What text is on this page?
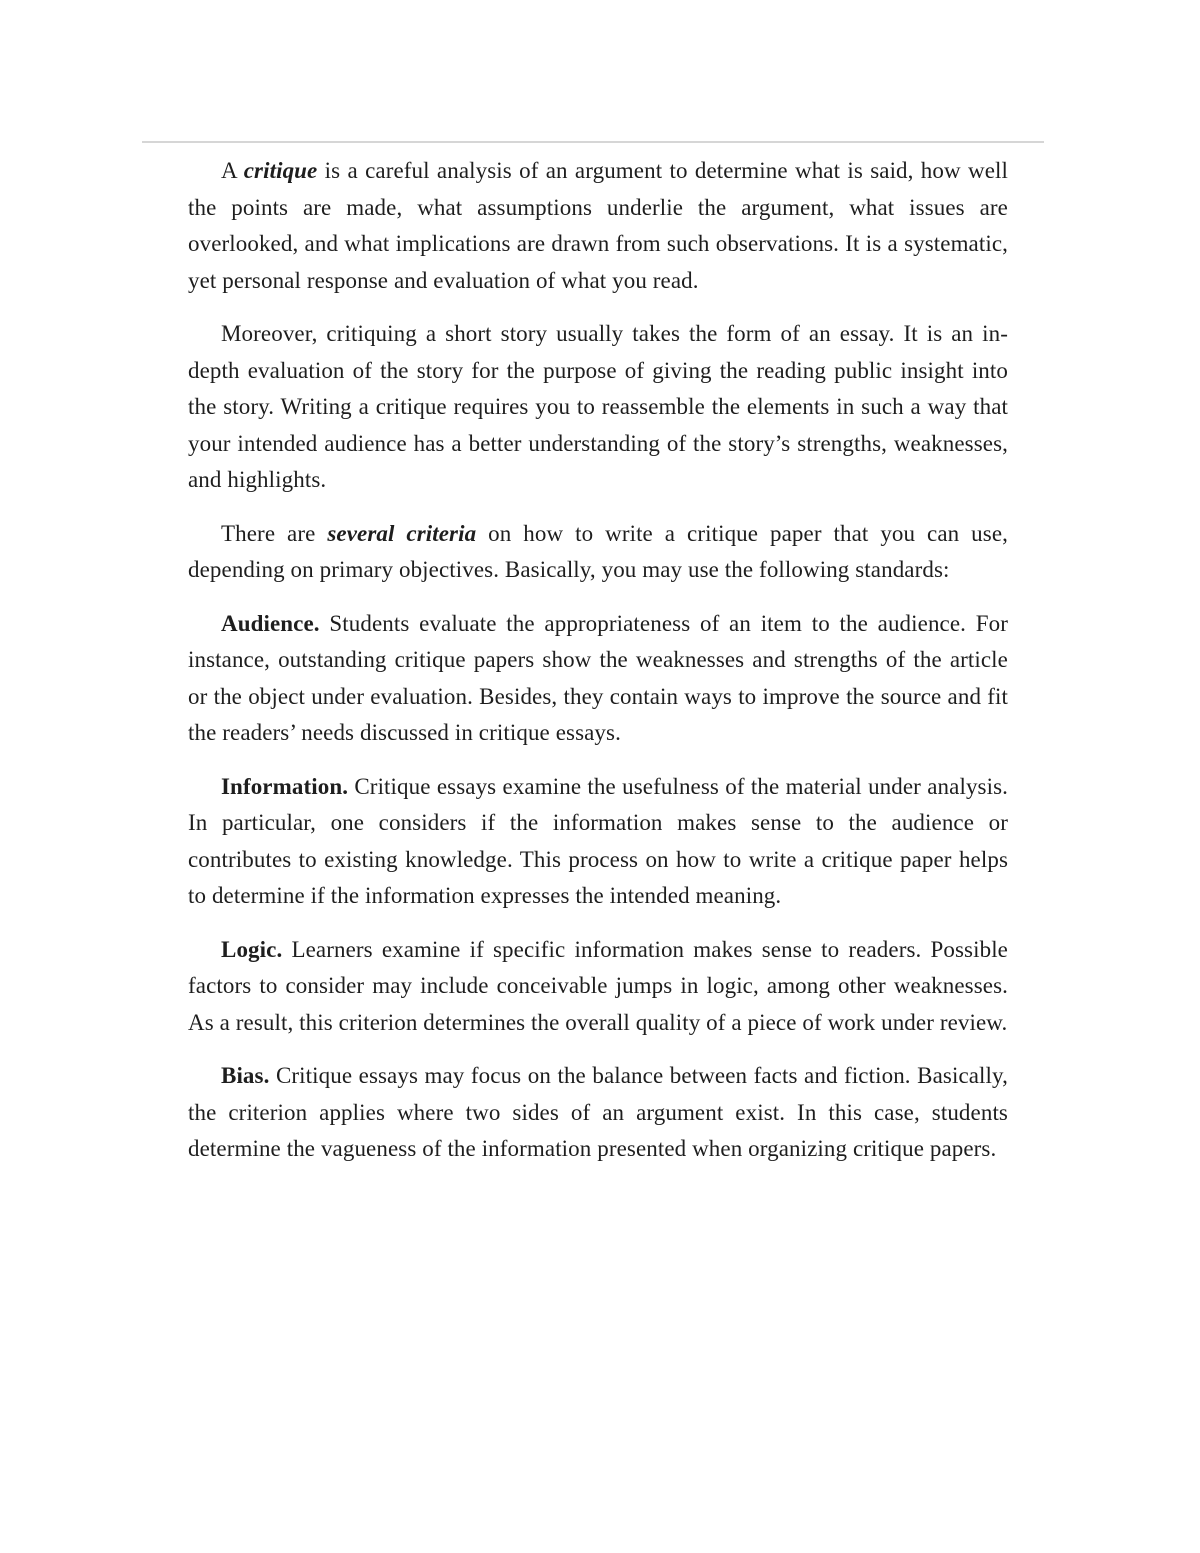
A critique is a careful analysis of an argument to determine what is said, how well the points are made, what assumptions underlie the argument, what issues are overlooked, and what implications are drawn from such observations. It is a systematic, yet personal response and evaluation of what you read.

Moreover, critiquing a short story usually takes the form of an essay. It is an in-depth evaluation of the story for the purpose of giving the reading public insight into the story. Writing a critique requires you to reassemble the elements in such a way that your intended audience has a better understanding of the story’s strengths, weaknesses, and highlights.

There are several criteria on how to write a critique paper that you can use, depending on primary objectives. Basically, you may use the following standards:

Audience. Students evaluate the appropriateness of an item to the audience. For instance, outstanding critique papers show the weaknesses and strengths of the article or the object under evaluation. Besides, they contain ways to improve the source and fit the readers’ needs discussed in critique essays.

Information. Critique essays examine the usefulness of the material under analysis. In particular, one considers if the information makes sense to the audience or contributes to existing knowledge. This process on how to write a critique paper helps to determine if the information expresses the intended meaning.

Logic. Learners examine if specific information makes sense to readers. Possible factors to consider may include conceivable jumps in logic, among other weaknesses. As a result, this criterion determines the overall quality of a piece of work under review.

Bias. Critique essays may focus on the balance between facts and fiction. Basically, the criterion applies where two sides of an argument exist. In this case, students determine the vagueness of the information presented when organizing critique papers.
